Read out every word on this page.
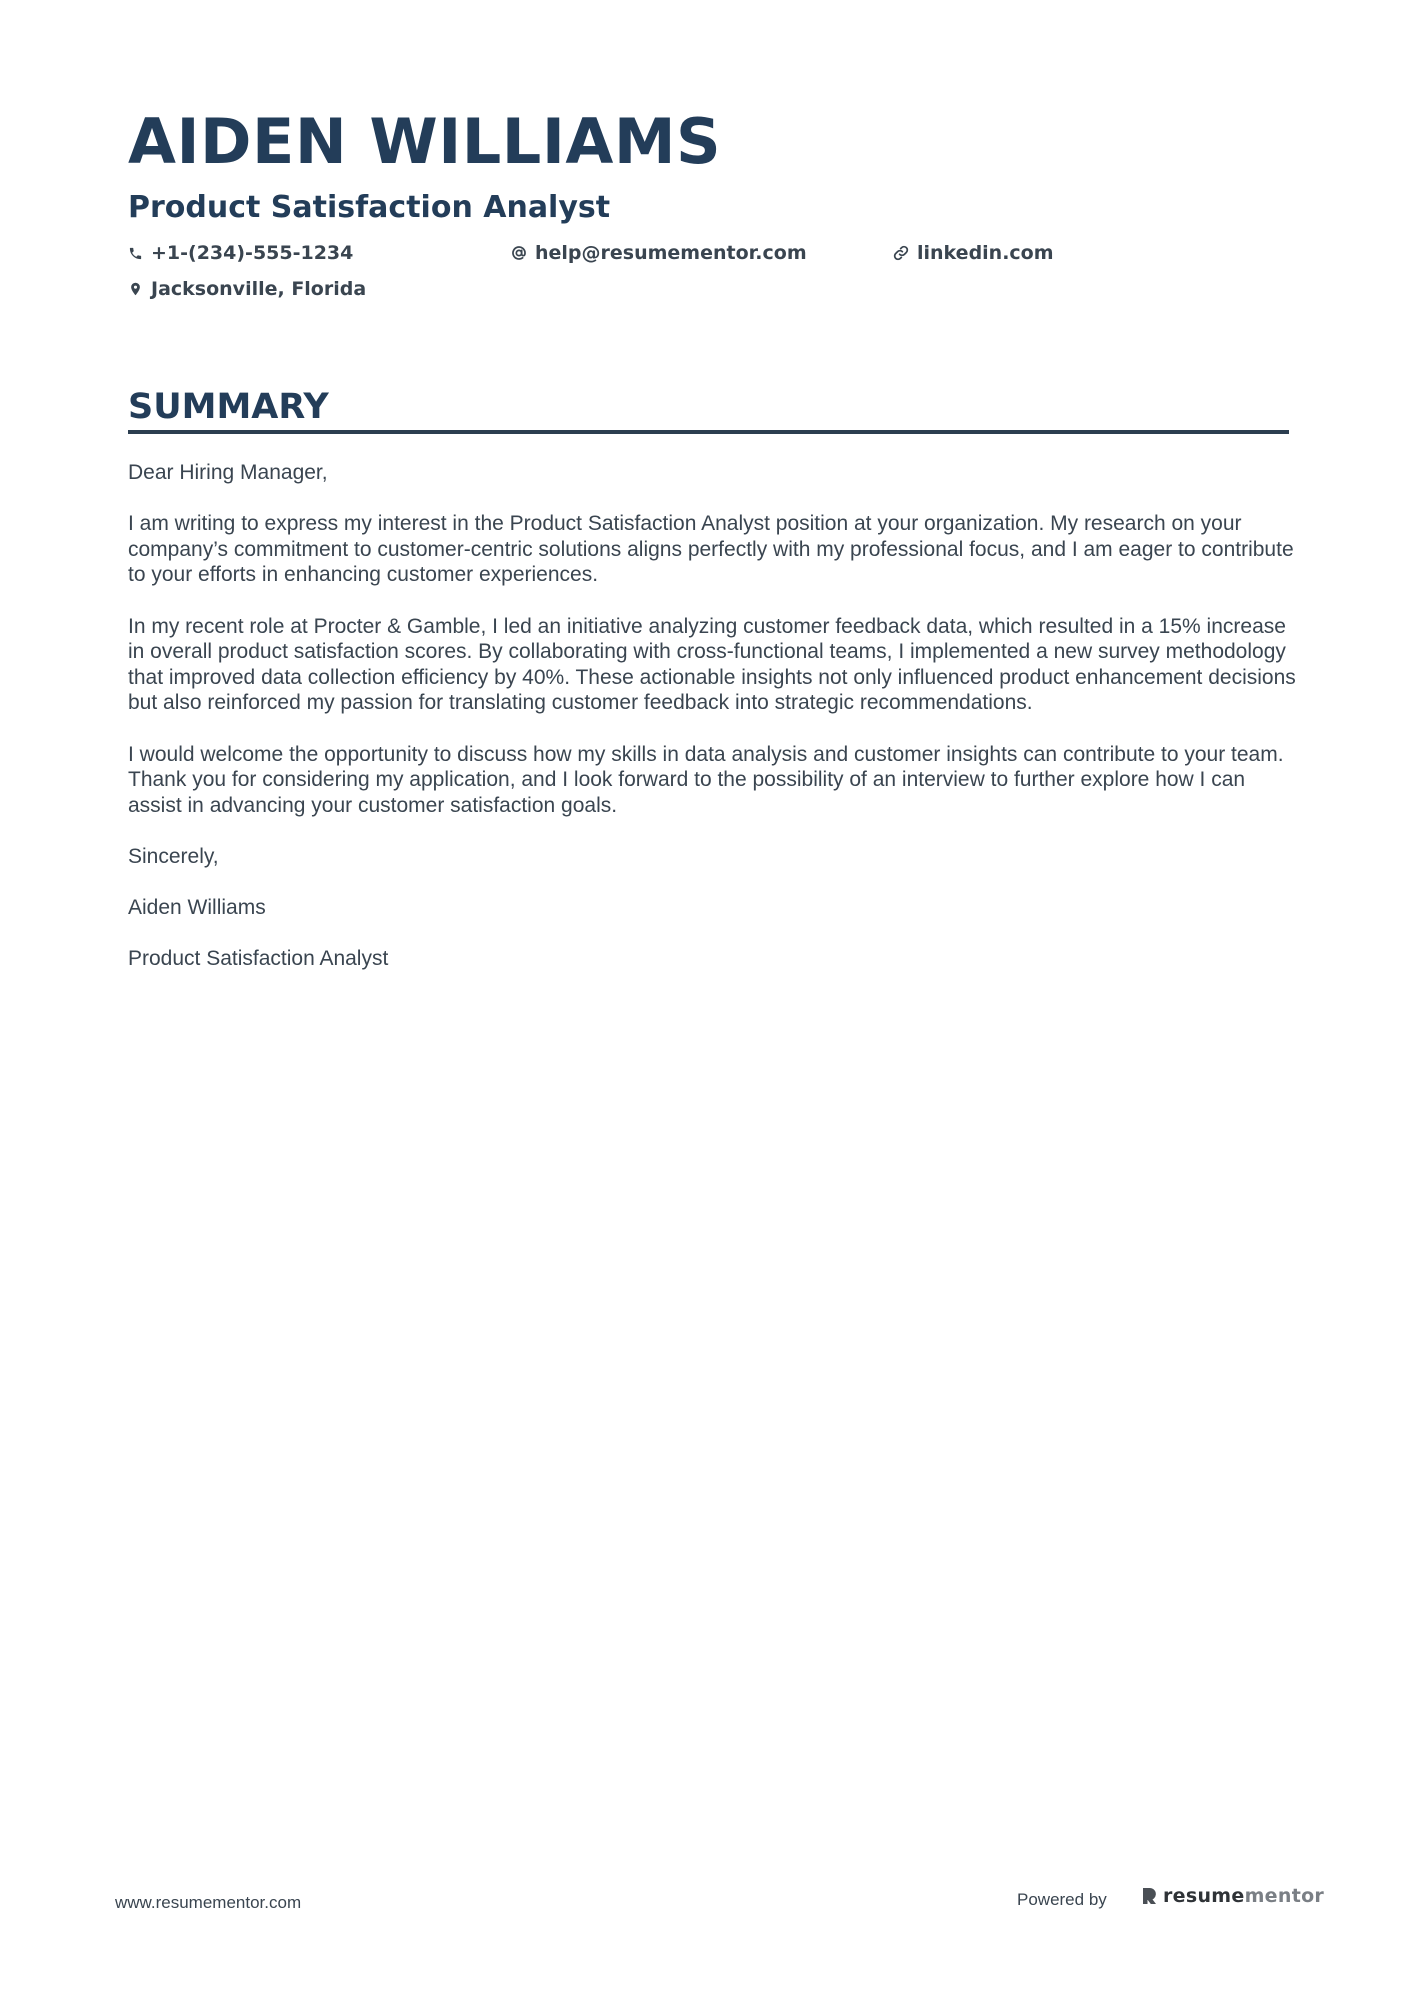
AIDEN WILLIAMS
Product Satisfaction Analyst
+1-(234)-555-1234	help@resumementor.com	linkedin.com
Jacksonville, Florida
SUMMARY

Dear Hiring Manager,

I am writing to express my interest in the Product Satisfaction Analyst position at your organization. My research on your company’s commitment to customer-centric solutions aligns perfectly with my professional focus, and I am eager to contribute to your efforts in enhancing customer experiences.

In my recent role at Procter & Gamble, I led an initiative analyzing customer feedback data, which resulted in a 15% increase in overall product satisfaction scores. By collaborating with cross-functional teams, I implemented a new survey methodology that improved data collection efficiency by 40%. These actionable insights not only influenced product enhancement decisions but also reinforced my passion for translating customer feedback into strategic recommendations.

I would welcome the opportunity to discuss how my skills in data analysis and customer insights can contribute to your team. Thank you for considering my application, and I look forward to the possibility of an interview to further explore how I can assist in advancing your customer satisfaction goals.

Sincerely,

Aiden Williams

Product Satisfaction Analyst

www.resumementor.com	Powered by	resumementor
